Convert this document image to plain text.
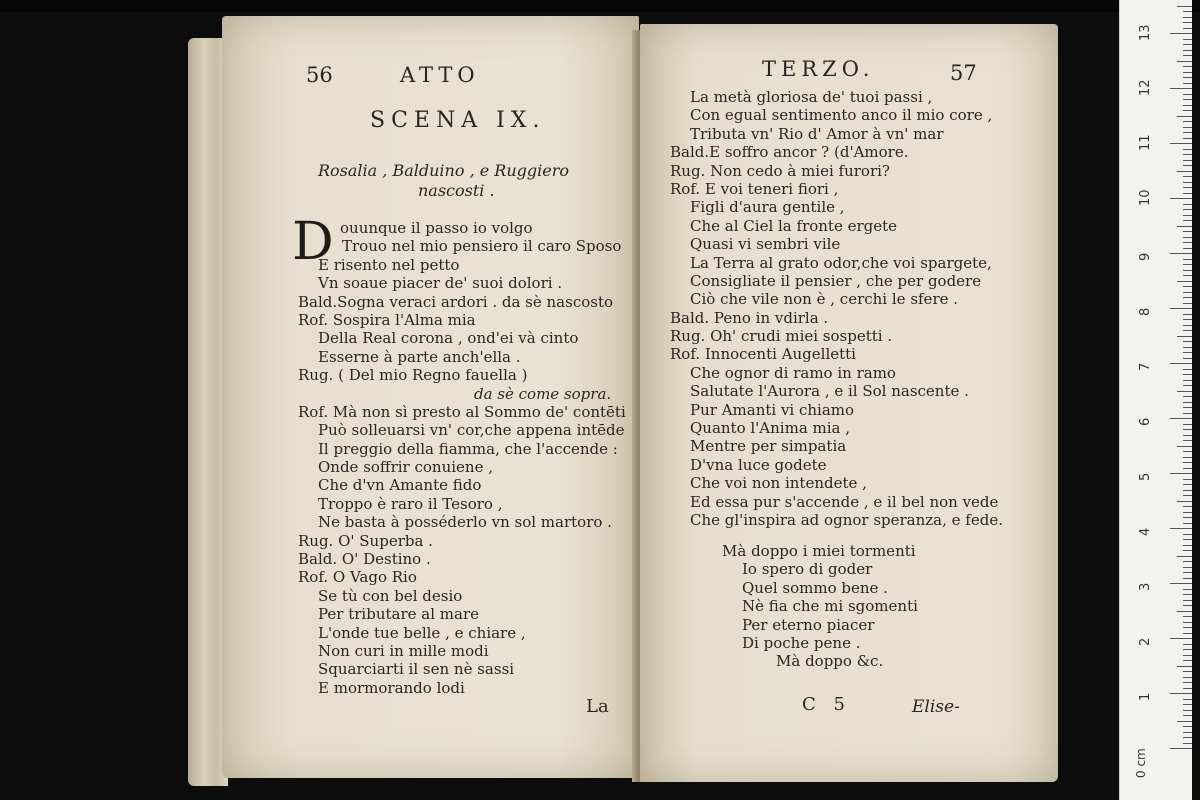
56	ATTO
SCENA IX.
Rosalia , Balduino , e Ruggiero
nascosti .
D ouunque il passo io volgo
Trouo nel mio pensiero il caro Sposo
E risento nel petto
Vn soaue piacer de' suoi dolori .
Bald.Sogna veraci ardori . da sè nascosto
Rof. Sospira l'Alma mia
Della Real corona , ond'ei và cinto
Esserne à parte anch'ella .
Rug. ( Del mio Regno fauella )
da sè come sopra.
Rof. Mà non sì presto al Sommo de' contēti
Può solleuarsi vn' cor,che appena intēde
Il preggio della fiamma, che l'accende :
Onde soffrir conuiene ,
Che d'vn Amante fido
Troppo è raro il Tesoro ,
Ne basta à posséderlo vn sol martoro .
Rug. O' Superba .
Bald. O' Destino .
Rof. O Vago Rio
Se tù con bel desio
Per tributare al mare
L'onde tue belle , e chiare ,
Non curi in mille modi
Squarciarti il sen nè sassi
E mormorando lodi
La
TERZO.	57
La metà gloriosa de' tuoi passi ,
Con egual sentimento anco il mio core ,
Tributa vn' Rio d' Amor à vn' mar
Bald.E soffro ancor ? (d'Amore.
Rug. Non cedo à miei furori?
Rof. E voi teneri fiori ,
Figli d'aura gentile ,
Che al Ciel la fronte ergete
Quasi vi sembri vile
La Terra al grato odor,che voi spargete,
Consigliate il pensier , che per godere
Ciò che vile non è , cerchi le sfere .
Bald. Peno in vdirla .
Rug. Oh' crudi miei sospetti .
Rof. Innocenti Augelletti
Che ognor di ramo in ramo
Salutate l'Aurora , e il Sol nascente .
Pur Amanti vi chiamo
Quanto l'Anima mia ,
Mentre per simpatia
D'vna luce godete
Che voi non intendete ,
Ed essa pur s'accende , e il bel non vede
Che gl'inspira ad ognor speranza, e fede.
Mà doppo i miei tormenti
Io spero di goder
Quel sommo bene .
Nè fia che mi sgomenti
Per eterno piacer
Di poche pene .
Mà doppo &c.
C 5	Elise-
0 cm
1
2
3
4
5
6
7
8
9
10
11
12
13
